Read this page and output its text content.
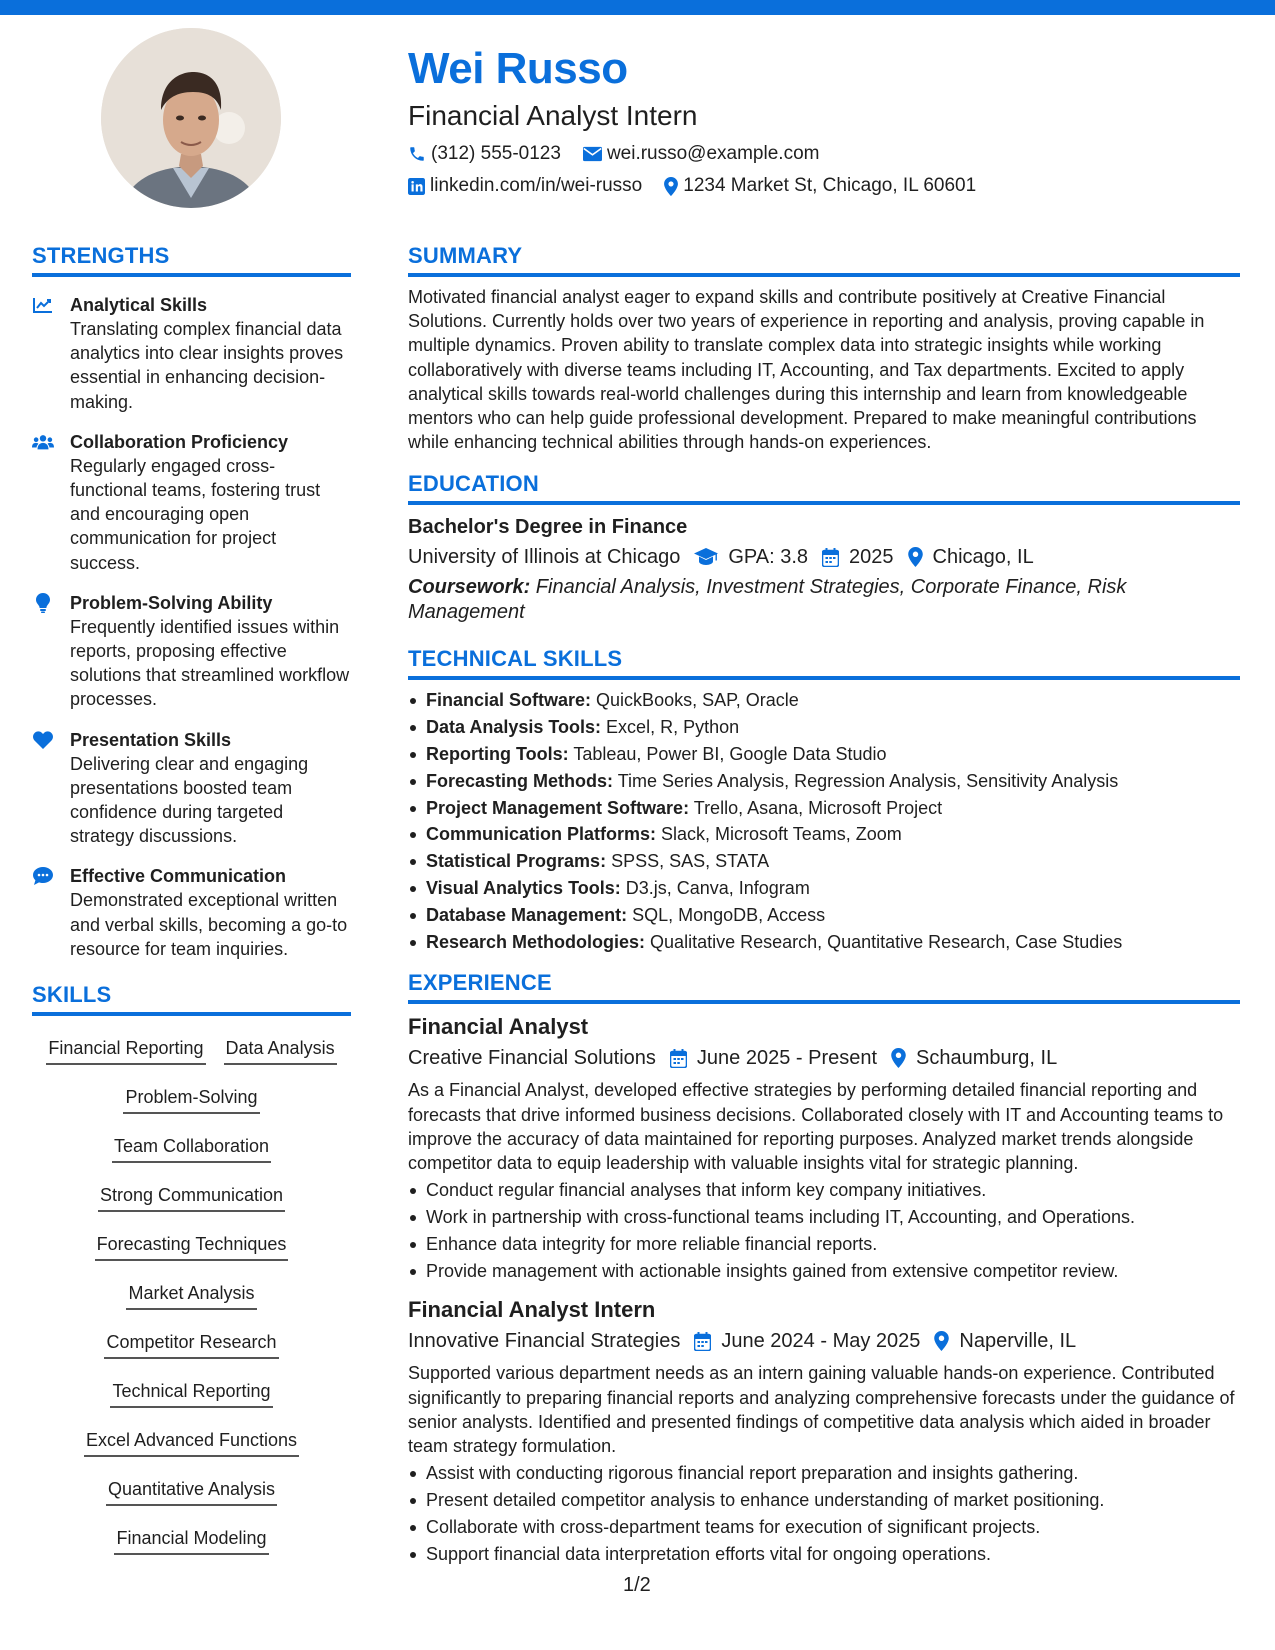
Wei Russo
Financial Analyst Intern
(312) 555-0123 wei.russo@example.com
linkedin.com/in/wei-russo 1234 Market St, Chicago, IL 60601
STRENGTHS
Analytical Skills
Translating complex financial data analytics into clear insights proves essential in enhancing decision-making.
Collaboration Proficiency
Regularly engaged cross-functional teams, fostering trust and encouraging open communication for project success.
Problem-Solving Ability
Frequently identified issues within reports, proposing effective solutions that streamlined workflow processes.
Presentation Skills
Delivering clear and engaging presentations boosted team confidence during targeted strategy discussions.
Effective Communication
Demonstrated exceptional written and verbal skills, becoming a go-to resource for team inquiries.
SKILLS
Financial Reporting Data Analysis
Problem-Solving
Team Collaboration
Strong Communication
Forecasting Techniques
Market Analysis
Competitor Research
Technical Reporting
Excel Advanced Functions
Quantitative Analysis
Financial Modeling
SUMMARY
Motivated financial analyst eager to expand skills and contribute positively at Creative Financial Solutions. Currently holds over two years of experience in reporting and analysis, proving capable in multiple dynamics. Proven ability to translate complex data into strategic insights while working collaboratively with diverse teams including IT, Accounting, and Tax departments. Excited to apply analytical skills towards real-world challenges during this internship and learn from knowledgeable mentors who can help guide professional development. Prepared to make meaningful contributions while enhancing technical abilities through hands-on experiences.
EDUCATION
Bachelor's Degree in Finance
University of Illinois at Chicago GPA: 3.8 2025 Chicago, IL
Coursework: Financial Analysis, Investment Strategies, Corporate Finance, Risk Management
TECHNICAL SKILLS
Financial Software: QuickBooks, SAP, Oracle
Data Analysis Tools: Excel, R, Python
Reporting Tools: Tableau, Power BI, Google Data Studio
Forecasting Methods: Time Series Analysis, Regression Analysis, Sensitivity Analysis
Project Management Software: Trello, Asana, Microsoft Project
Communication Platforms: Slack, Microsoft Teams, Zoom
Statistical Programs: SPSS, SAS, STATA
Visual Analytics Tools: D3.js, Canva, Infogram
Database Management: SQL, MongoDB, Access
Research Methodologies: Qualitative Research, Quantitative Research, Case Studies
EXPERIENCE
Financial Analyst
Creative Financial Solutions June 2025 - Present Schaumburg, IL
As a Financial Analyst, developed effective strategies by performing detailed financial reporting and forecasts that drive informed business decisions. Collaborated closely with IT and Accounting teams to improve the accuracy of data maintained for reporting purposes. Analyzed market trends alongside competitor data to equip leadership with valuable insights vital for strategic planning.
Conduct regular financial analyses that inform key company initiatives.
Work in partnership with cross-functional teams including IT, Accounting, and Operations.
Enhance data integrity for more reliable financial reports.
Provide management with actionable insights gained from extensive competitor review.
Financial Analyst Intern
Innovative Financial Strategies June 2024 - May 2025 Naperville, IL
Supported various department needs as an intern gaining valuable hands-on experience. Contributed significantly to preparing financial reports and analyzing comprehensive forecasts under the guidance of senior analysts. Identified and presented findings of competitive data analysis which aided in broader team strategy formulation.
Assist with conducting rigorous financial report preparation and insights gathering.
Present detailed competitor analysis to enhance understanding of market positioning.
Collaborate with cross-department teams for execution of significant projects.
Support financial data interpretation efforts vital for ongoing operations.
1/2
